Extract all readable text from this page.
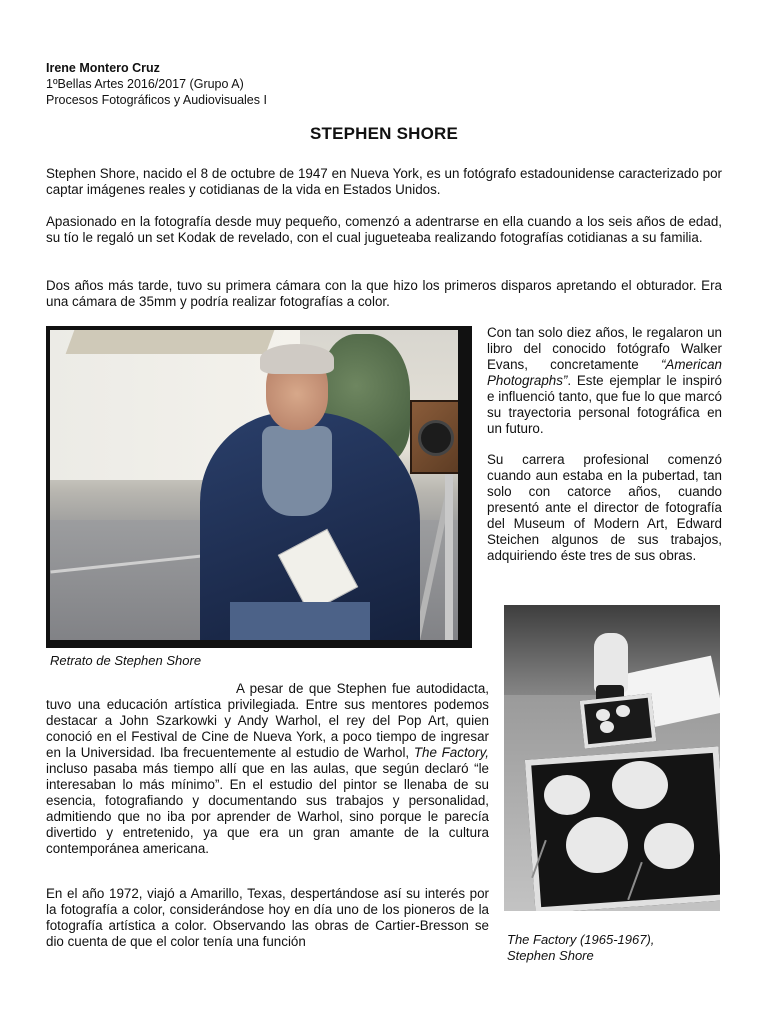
Irene Montero Cruz
1ºBellas Artes 2016/2017 (Grupo A)
Procesos Fotográficos y Audiovisuales I
STEPHEN SHORE

Stephen Shore, nacido el 8 de octubre de 1947 en Nueva York, es un fotógrafo estadounidense caracterizado por captar imágenes reales y cotidianas de la vida en Estados Unidos.

Apasionado en la fotografía desde muy pequeño, comenzó a adentrarse en ella cuando a los seis años de edad, su tío le regaló un set Kodak de revelado, con el cual jugueteaba realizando fotografías cotidianas a su familia.

Dos años más tarde, tuvo su primera cámara con la que hizo los primeros disparos apretando el obturador. Era una cámara de 35mm y podría realizar fotografías a color.

Retrato de Stephen Shore

Con tan solo diez años, le regalaron un libro del conocido fotógrafo Walker Evans, concretamente “American Photographs”. Este ejemplar le inspiró e influenció tanto, que fue lo que marcó su trayectoria personal fotográfica en un futuro.

Su carrera profesional comenzó cuando aun estaba en la pubertad, tan solo con catorce años, cuando presentó ante el director de fotografía del Museum of Modern Art, Edward Steichen algunos de sus trabajos, adquiriendo éste tres de sus obras.

The Factory (1965-1967),
Stephen Shore

A pesar de que Stephen fue autodidacta, tuvo una educación artística privilegiada. Entre sus mentores podemos destacar a John Szarkowki y Andy Warhol, el rey del Pop Art, quien conoció en el Festival de Cine de Nueva York, a poco tiempo de ingresar en la Universidad. Iba frecuentemente al estudio de Warhol, The Factory, incluso pasaba más tiempo allí que en las aulas, que según declaró “le interesaban lo más mínimo”. En el estudio del pintor se llenaba de su esencia, fotografiando y documentando sus trabajos y personalidad, admitiendo que no iba por aprender de Warhol, sino porque le parecía divertido y entretenido, ya que era un gran amante de la cultura contemporánea americana.

En el año 1972, viajó a Amarillo, Texas, despertándose así su interés por la fotografía a color, considerándose hoy en día uno de los pioneros de la fotografía artística a color. Observando las obras de Cartier-Bresson se dio cuenta de que el color tenía una función
